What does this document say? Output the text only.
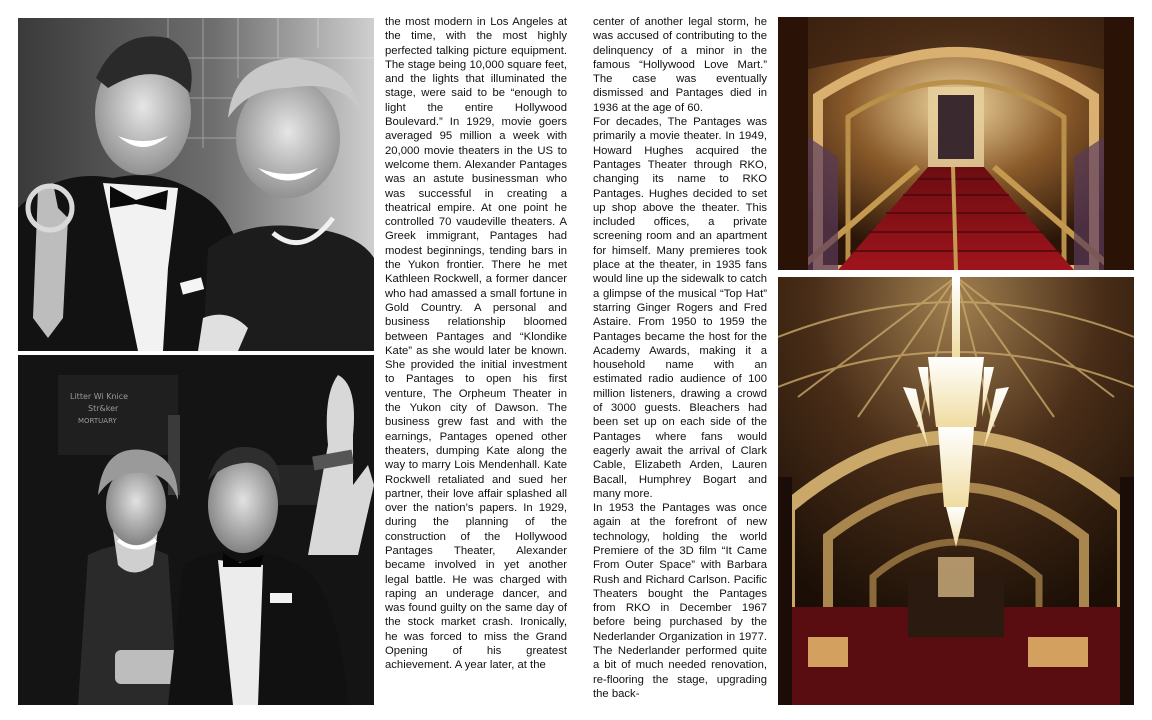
Litter Wi Knice
Str&ker
MORTUARY

the most modern in Los Angeles at the time, with the most highly perfected talking picture equipment. The stage being 10,000 square feet, and the lights that illuminated the stage, were said to be “enough to light the entire Hollywood Boulevard.” In 1929, movie goers averaged 95 million a week with 20,000 movie theaters in the US to welcome them. Alexander Pantages was an astute businessman who was successful in creating a theatrical empire. At one point he controlled 70 vaudeville theaters. A Greek immigrant, Pantages had modest beginnings, tending bars in the Yukon frontier. There he met Kathleen Rockwell, a former dancer who had amassed a small fortune in Gold Country. A personal and business relationship bloomed between Pantages and “Klondike Kate” as she would later be known. She provided the initial investment to Pantages to open his first venture, The Orpheum Theater in the Yukon city of Dawson. The business grew fast and with the earnings, Pantages opened other theaters, dumping Kate along the way to marry Lois Mendenhall. Kate Rockwell retaliated and sued her partner, their love affair splashed all over the nation’s papers. In 1929, during the planning of the construction of the Hollywood Pantages Theater, Alexander became involved in yet another legal battle. He was charged with raping an underage dancer, and was found guilty on the same day of the stock market crash. Ironically, he was forced to miss the Grand Opening of his greatest achievement. A year later, at the

center of another legal storm, he was accused of contributing to the delinquency of a minor in the famous “Hollywood Love Mart.” The case was eventually dismissed and Pantages died in 1936 at the age of 60.

For decades, The Pantages was primarily a movie theater. In 1949, Howard Hughes acquired the Pantages Theater through RKO, changing its name to RKO Pantages. Hughes decided to set up shop above the theater. This included offices, a private screening room and an apartment for himself. Many premieres took place at the theater, in 1935 fans would line up the sidewalk to catch a glimpse of the musical “Top Hat” starring Ginger Rogers and Fred Astaire. From 1950 to 1959 the Pantages became the host for the Academy Awards, making it a household name with an estimated radio audience of 100 million listeners, drawing a crowd of 3000 guests. Bleachers had been set up on each side of the Pantages where fans would eagerly await the arrival of Clark Cable, Elizabeth Arden, Lauren Bacall, Humphrey Bogart and many more.

In 1953 the Pantages was once again at the forefront of new technology, holding the world Premiere of the 3D film “It Came From Outer Space” with Barbara Rush and Richard Carlson. Pacific Theaters bought the Pantages from RKO in December 1967 before being purchased by the Nederlander Organization in 1977. The Nederlander performed quite a bit of much needed renovation, re-flooring the stage, upgrading the back-
